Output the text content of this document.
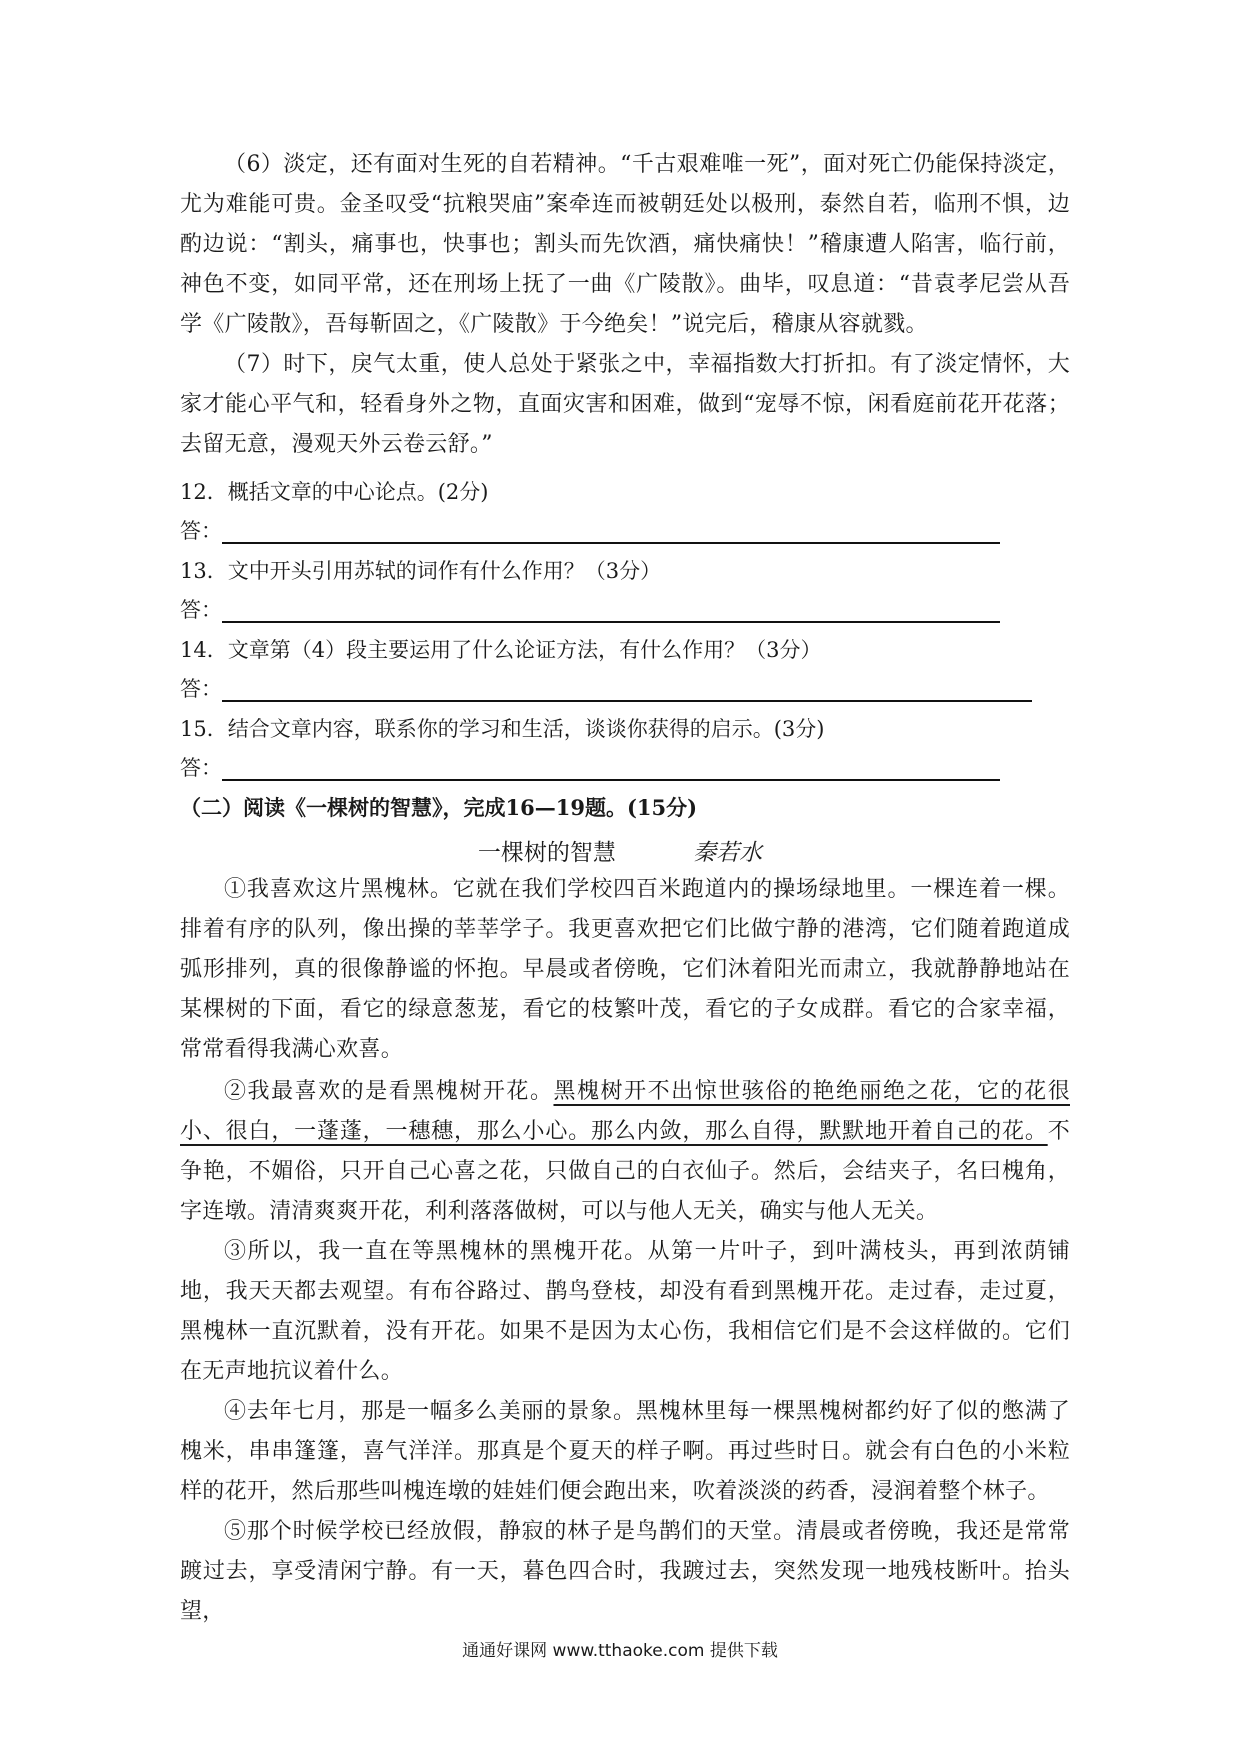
（6）淡定，还有面对生死的自若精神。“千古艰难唯一死”，面对死亡仍能保持淡定，尤为难能可贵。金圣叹受“抗粮哭庙”案牵连而被朝廷处以极刑，泰然自若，临刑不惧，边酌边说：“割头，痛事也，快事也；割头而先饮酒，痛快痛快！”稽康遭人陷害，临行前，神色不变，如同平常，还在刑场上抚了一曲《广陵散》。曲毕，叹息道：“昔袁孝尼尝从吾学《广陵散》，吾每靳固之，《广陵散》于今绝矣！”说完后，稽康从容就戮。

（7）时下，戾气太重，使人总处于紧张之中，幸福指数大打折扣。有了淡定情怀，大家才能心平气和，轻看身外之物，直面灾害和困难，做到“宠辱不惊，闲看庭前花开花落；去留无意，漫观天外云卷云舒。”

12．概括文章的中心论点。(2分)

答：

13．文中开头引用苏轼的词作有什么作用？（3分）

答：

14．文章第（4）段主要运用了什么论证方法，有什么作用？（3分）

答：

15．结合文章内容，联系你的学习和生活，谈谈你获得的启示。(3分)

答：

（二）阅读《一棵树的智慧》，完成16—19题。(15分)

一棵树的智慧	秦若水

①我喜欢这片黑槐林。它就在我们学校四百米跑道内的操场绿地里。一棵连着一棵。排着有序的队列，像出操的莘莘学子。我更喜欢把它们比做宁静的港湾，它们随着跑道成弧形排列，真的很像静谧的怀抱。早晨或者傍晚，它们沐着阳光而肃立，我就静静地站在某棵树的下面，看它的绿意葱茏，看它的枝繁叶茂，看它的子女成群。看它的合家幸福，常常看得我满心欢喜。

②我最喜欢的是看黑槐树开花。黑槐树开不出惊世骇俗的艳绝丽绝之花，它的花很小、很白，一蓬蓬，一穗穗，那么小心。那么内敛，那么自得，默默地开着自己的花。不争艳，不媚俗，只开自己心喜之花，只做自己的白衣仙子。然后，会结夹子，名曰槐角，字连墩。清清爽爽开花，利利落落做树，可以与他人无关，确实与他人无关。

③所以，我一直在等黑槐林的黑槐开花。从第一片叶子，到叶满枝头，再到浓荫铺地，我天天都去观望。有布谷路过、鹊鸟登枝，却没有看到黑槐开花。走过春，走过夏，黑槐林一直沉默着，没有开花。如果不是因为太心伤，我相信它们是不会这样做的。它们在无声地抗议着什么。

④去年七月，那是一幅多么美丽的景象。黑槐林里每一棵黑槐树都约好了似的憋满了槐米，串串篷篷，喜气洋洋。那真是个夏天的样子啊。再过些时日。就会有白色的小米粒样的花开，然后那些叫槐连墩的娃娃们便会跑出来，吹着淡淡的药香，浸润着整个林子。

⑤那个时候学校已经放假，静寂的林子是鸟鹊们的天堂。清晨或者傍晚，我还是常常踱过去，享受清闲宁静。有一天，暮色四合时，我踱过去，突然发现一地残枝断叶。抬头望，

通通好课网 www.tthaoke.com 提供下载
